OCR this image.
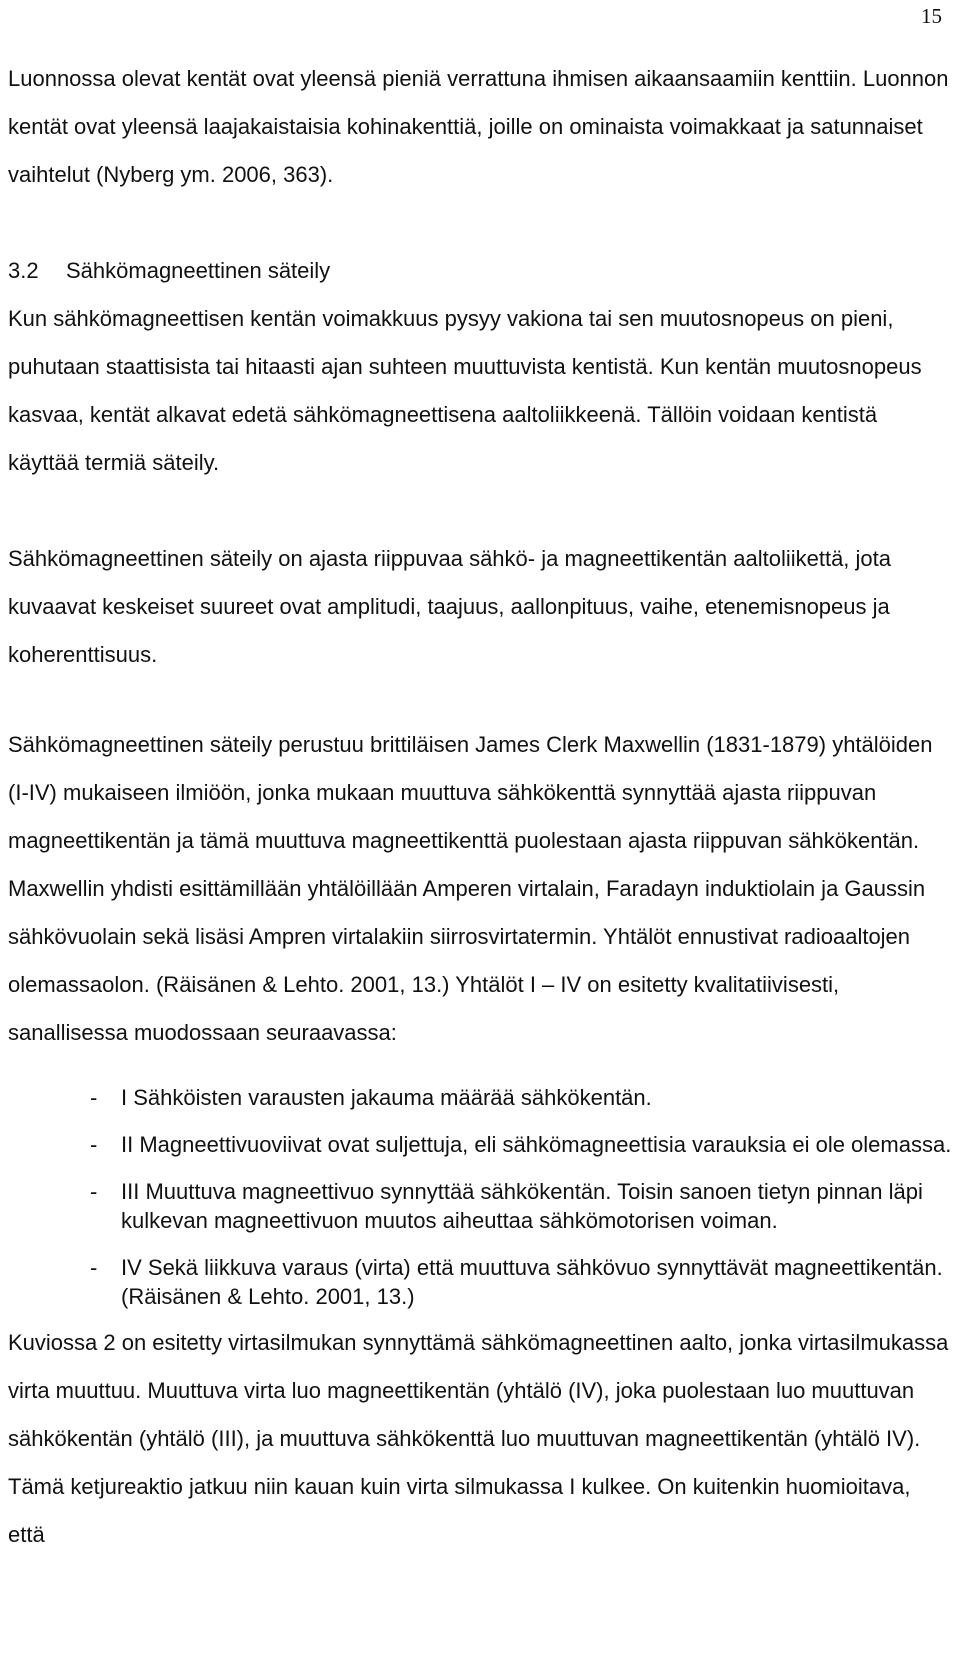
15

Luonnossa olevat kentät ovat yleensä pieniä verrattuna ihmisen aikaansaamiin kenttiin. Luonnon kentät ovat yleensä laajakaistaisia kohinakenttiä, joille on ominaista voimakkaat ja satunnaiset vaihtelut (Nyberg ym. 2006, 363).

3.2 Sähkömagneettinen säteily

Kun sähkömagneettisen kentän voimakkuus pysyy vakiona tai sen muutosnopeus on pieni, puhutaan staattisista tai hitaasti ajan suhteen muuttuvista kentistä. Kun kentän muutosnopeus kasvaa, kentät alkavat edetä sähkömagneettisena aaltoliikkeenä. Tällöin voidaan kentistä käyttää termiä säteily.

Sähkömagneettinen säteily on ajasta riippuvaa sähkö- ja magneettikentän aaltoliikettä, jota kuvaavat keskeiset suureet ovat amplitudi, taajuus, aallonpituus, vaihe, etenemisnopeus ja koherenttisuus.

Sähkömagneettinen säteily perustuu brittiläisen James Clerk Maxwellin (1831-1879) yhtälöiden (I-IV) mukaiseen ilmiöön, jonka mukaan muuttuva sähkökenttä synnyttää ajasta riippuvan magneettikentän ja tämä muuttuva magneettikenttä puolestaan ajasta riippuvan sähkökentän. Maxwellin yhdisti esittämillään yhtälöillään Amperen virtalain, Faradayn induktiolain ja Gaussin sähkövuolain sekä lisäsi Ampren virtalakiin siirrosvirtatermin. Yhtälöt ennustivat radioaaltojen olemassaolon. (Räisänen & Lehto. 2001, 13.) Yhtälöt I – IV on esitetty kvalitatiivisesti, sanallisessa muodossaan seuraavassa:

- I Sähköisten varausten jakauma määrää sähkökentän.
- II Magneettivuoviivat ovat suljettuja, eli sähkömagneettisia varauksia ei ole olemassa.
- III Muuttuva magneettivuo synnyttää sähkökentän. Toisin sanoen tietyn pinnan läpi kulkevan magneettivuon muutos aiheuttaa sähkömotorisen voiman.
- IV Sekä liikkuva varaus (virta) että muuttuva sähkövuo synnyttävät magneettikentän. (Räisänen & Lehto. 2001, 13.)

Kuviossa 2 on esitetty virtasilmukan synnyttämä sähkömagneettinen aalto, jonka virtasilmukassa virta muuttuu. Muuttuva virta luo magneettikentän (yhtälö (IV), joka puolestaan luo muuttuvan sähkökentän (yhtälö (III), ja muuttuva sähkökenttä luo muuttuvan magneettikentän (yhtälö IV). Tämä ketjureaktio jatkuu niin kauan kuin virta silmukassa I kulkee. On kuitenkin huomioitava, että
